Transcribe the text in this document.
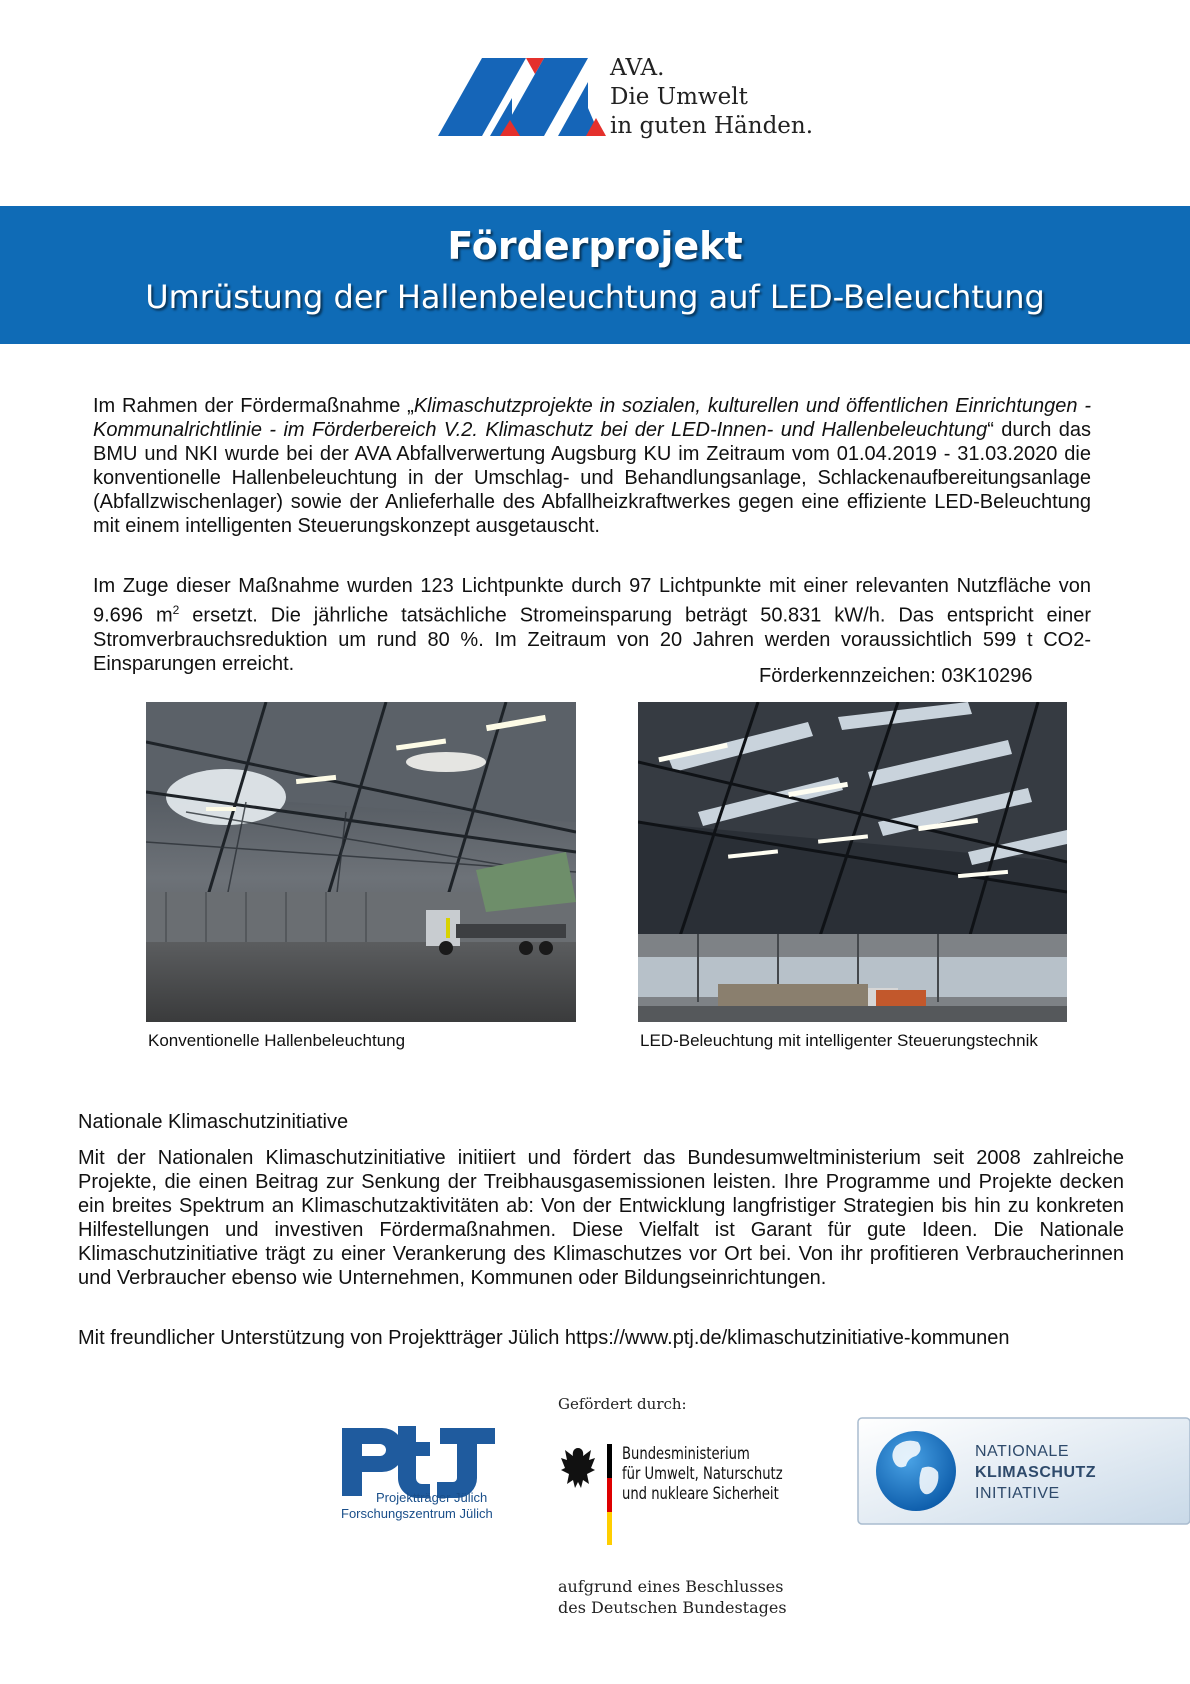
AVA.
Die Umwelt
in guten Händen.
Förderprojekt
Umrüstung der Hallenbeleuchtung auf LED-Beleuchtung
Im Rahmen der Fördermaßnahme „Klimaschutzprojekte in sozialen, kulturellen und öffentlichen Einrichtungen - Kommunalrichtlinie - im Förderbereich V.2. Klimaschutz bei der LED-Innen- und Hallenbeleuchtung“ durch das BMU und NKI wurde bei der AVA Abfallverwertung Augsburg KU im Zeitraum vom 01.04.2019 - 31.03.2020 die konventionelle Hallenbeleuchtung in der Umschlag- und Behandlungsanlage, Schlackenaufbereitungsanlage (Abfallzwischenlager) sowie der Anlieferhalle des Abfallheizkraftwerkes gegen eine effiziente LED-Beleuchtung mit einem intelligenten Steuerungskonzept ausgetauscht.
Im Zuge dieser Maßnahme wurden 123 Lichtpunkte durch 97 Lichtpunkte mit einer relevanten Nutzfläche von 9.696 $m^2$ ersetzt. Die jährliche tatsächliche Stromeinsparung beträgt 50.831 kW/h. Das entspricht einer Stromverbrauchsreduktion um rund 80 %. Im Zeitraum von 20 Jahren werden voraussichtlich 599 t CO2-Einsparungen erreicht.
Förderkennzeichen: 03K10296
Konventionelle Hallenbeleuchtung	LED-Beleuchtung mit intelligenter Steuerungstechnik
Nationale Klimaschutzinitiative
Mit der Nationalen Klimaschutzinitiative initiiert und fördert das Bundesumweltministerium seit 2008 zahlreiche Projekte, die einen Beitrag zur Senkung der Treibhausgasemissionen leisten. Ihre Programme und Projekte decken ein breites Spektrum an Klimaschutzaktivitäten ab: Von der Entwicklung langfristiger Strategien bis hin zu konkreten Hilfestellungen und investiven Fördermaßnahmen. Diese Vielfalt ist Garant für gute Ideen. Die Nationale Klimaschutzinitiative trägt zu einer Verankerung des Klimaschutzes vor Ort bei. Von ihr profitieren Verbraucherinnen und Verbraucher ebenso wie Unternehmen, Kommunen oder Bildungseinrichtungen.
Mit freundlicher Unterstützung von Projektträger Jülich https://www.ptj.de/klimaschutzinitiative-kommunen
Projektträger Jülich
Forschungszentrum Jülich
Gefördert durch:
Bundesministerium
für Umwelt, Naturschutz
und nukleare Sicherheit
aufgrund eines Beschlusses
des Deutschen Bundestages
NATIONALE
KLIMASCHUTZ
INITIATIVE
